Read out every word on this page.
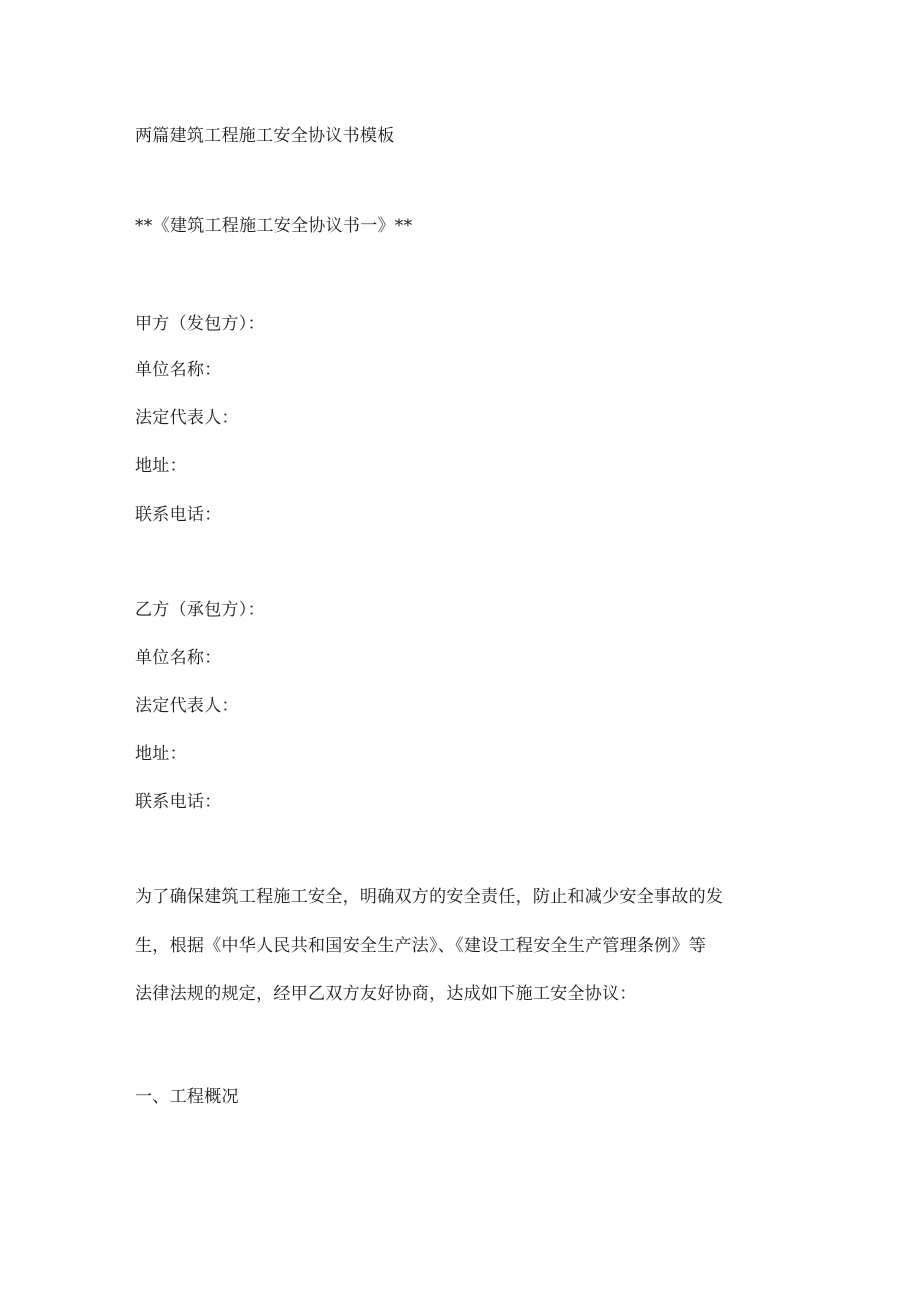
两篇建筑工程施工安全协议书模板
**《建筑工程施工安全协议书一》**
甲方（发包方）：
单位名称：
法定代表人：
地址：
联系电话：
乙方（承包方）：
单位名称：
法定代表人：
地址：
联系电话：
为了确保建筑工程施工安全，明确双方的安全责任，防止和减少安全事故的发
生，根据《中华人民共和国安全生产法》、《建设工程安全生产管理条例》等
法律法规的规定，经甲乙双方友好协商，达成如下施工安全协议：
一、工程概况
